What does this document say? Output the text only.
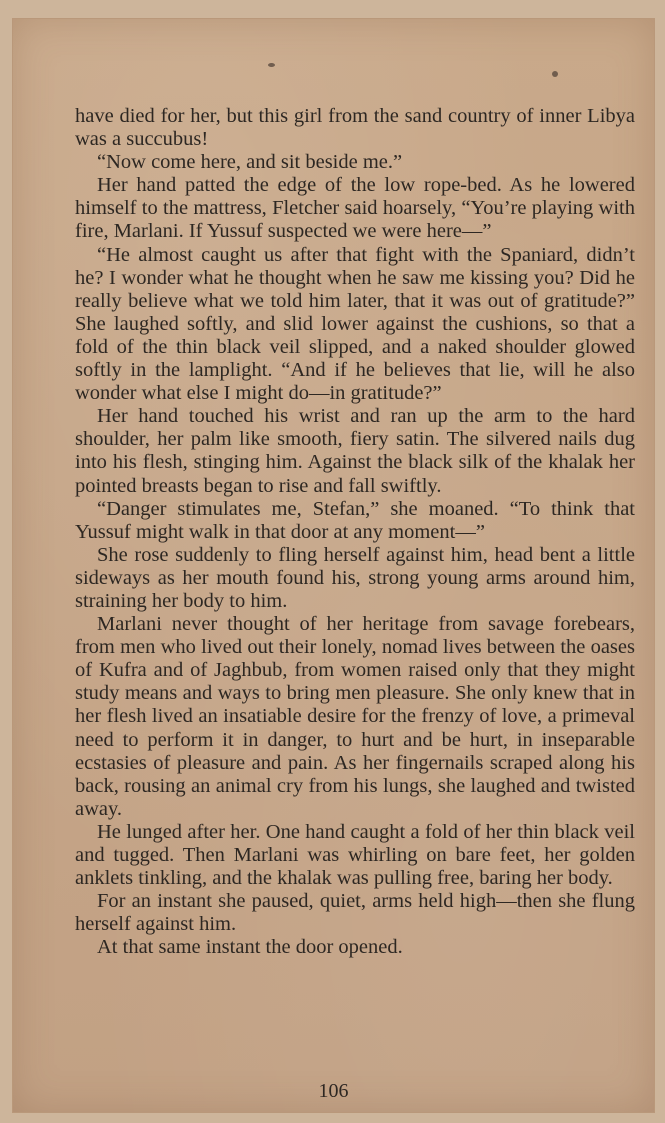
have died for her, but this girl from the sand country of inner Libya was a succubus!

“Now come here, and sit beside me.”

Her hand patted the edge of the low rope-bed. As he lowered himself to the mattress, Fletcher said hoarsely, “You’re playing with fire, Marlani. If Yussuf suspected we were here—”

“He almost caught us after that fight with the Spaniard, didn’t he? I wonder what he thought when he saw me kissing you? Did he really believe what we told him later, that it was out of gratitude?” She laughed softly, and slid lower against the cushions, so that a fold of the thin black veil slipped, and a naked shoulder glowed softly in the lamplight. “And if he believes that lie, will he also wonder what else I might do—in gratitude?”

Her hand touched his wrist and ran up the arm to the hard shoulder, her palm like smooth, fiery satin. The silvered nails dug into his flesh, stinging him. Against the black silk of the khalak her pointed breasts began to rise and fall swiftly.

“Danger stimulates me, Stefan,” she moaned. “To think that Yussuf might walk in that door at any moment—”

She rose suddenly to fling herself against him, head bent a little sideways as her mouth found his, strong young arms around him, straining her body to him.

Marlani never thought of her heritage from savage forebears, from men who lived out their lonely, nomad lives between the oases of Kufra and of Jaghbub, from women raised only that they might study means and ways to bring men pleasure. She only knew that in her flesh lived an insatiable desire for the frenzy of love, a primeval need to perform it in danger, to hurt and be hurt, in inseparable ecstasies of pleasure and pain. As her fingernails scraped along his back, rousing an animal cry from his lungs, she laughed and twisted away.

He lunged after her. One hand caught a fold of her thin black veil and tugged. Then Marlani was whirling on bare feet, her golden anklets tinkling, and the khalak was pulling free, baring her body.

For an instant she paused, quiet, arms held high—then she flung herself against him.

At that same instant the door opened.

106
